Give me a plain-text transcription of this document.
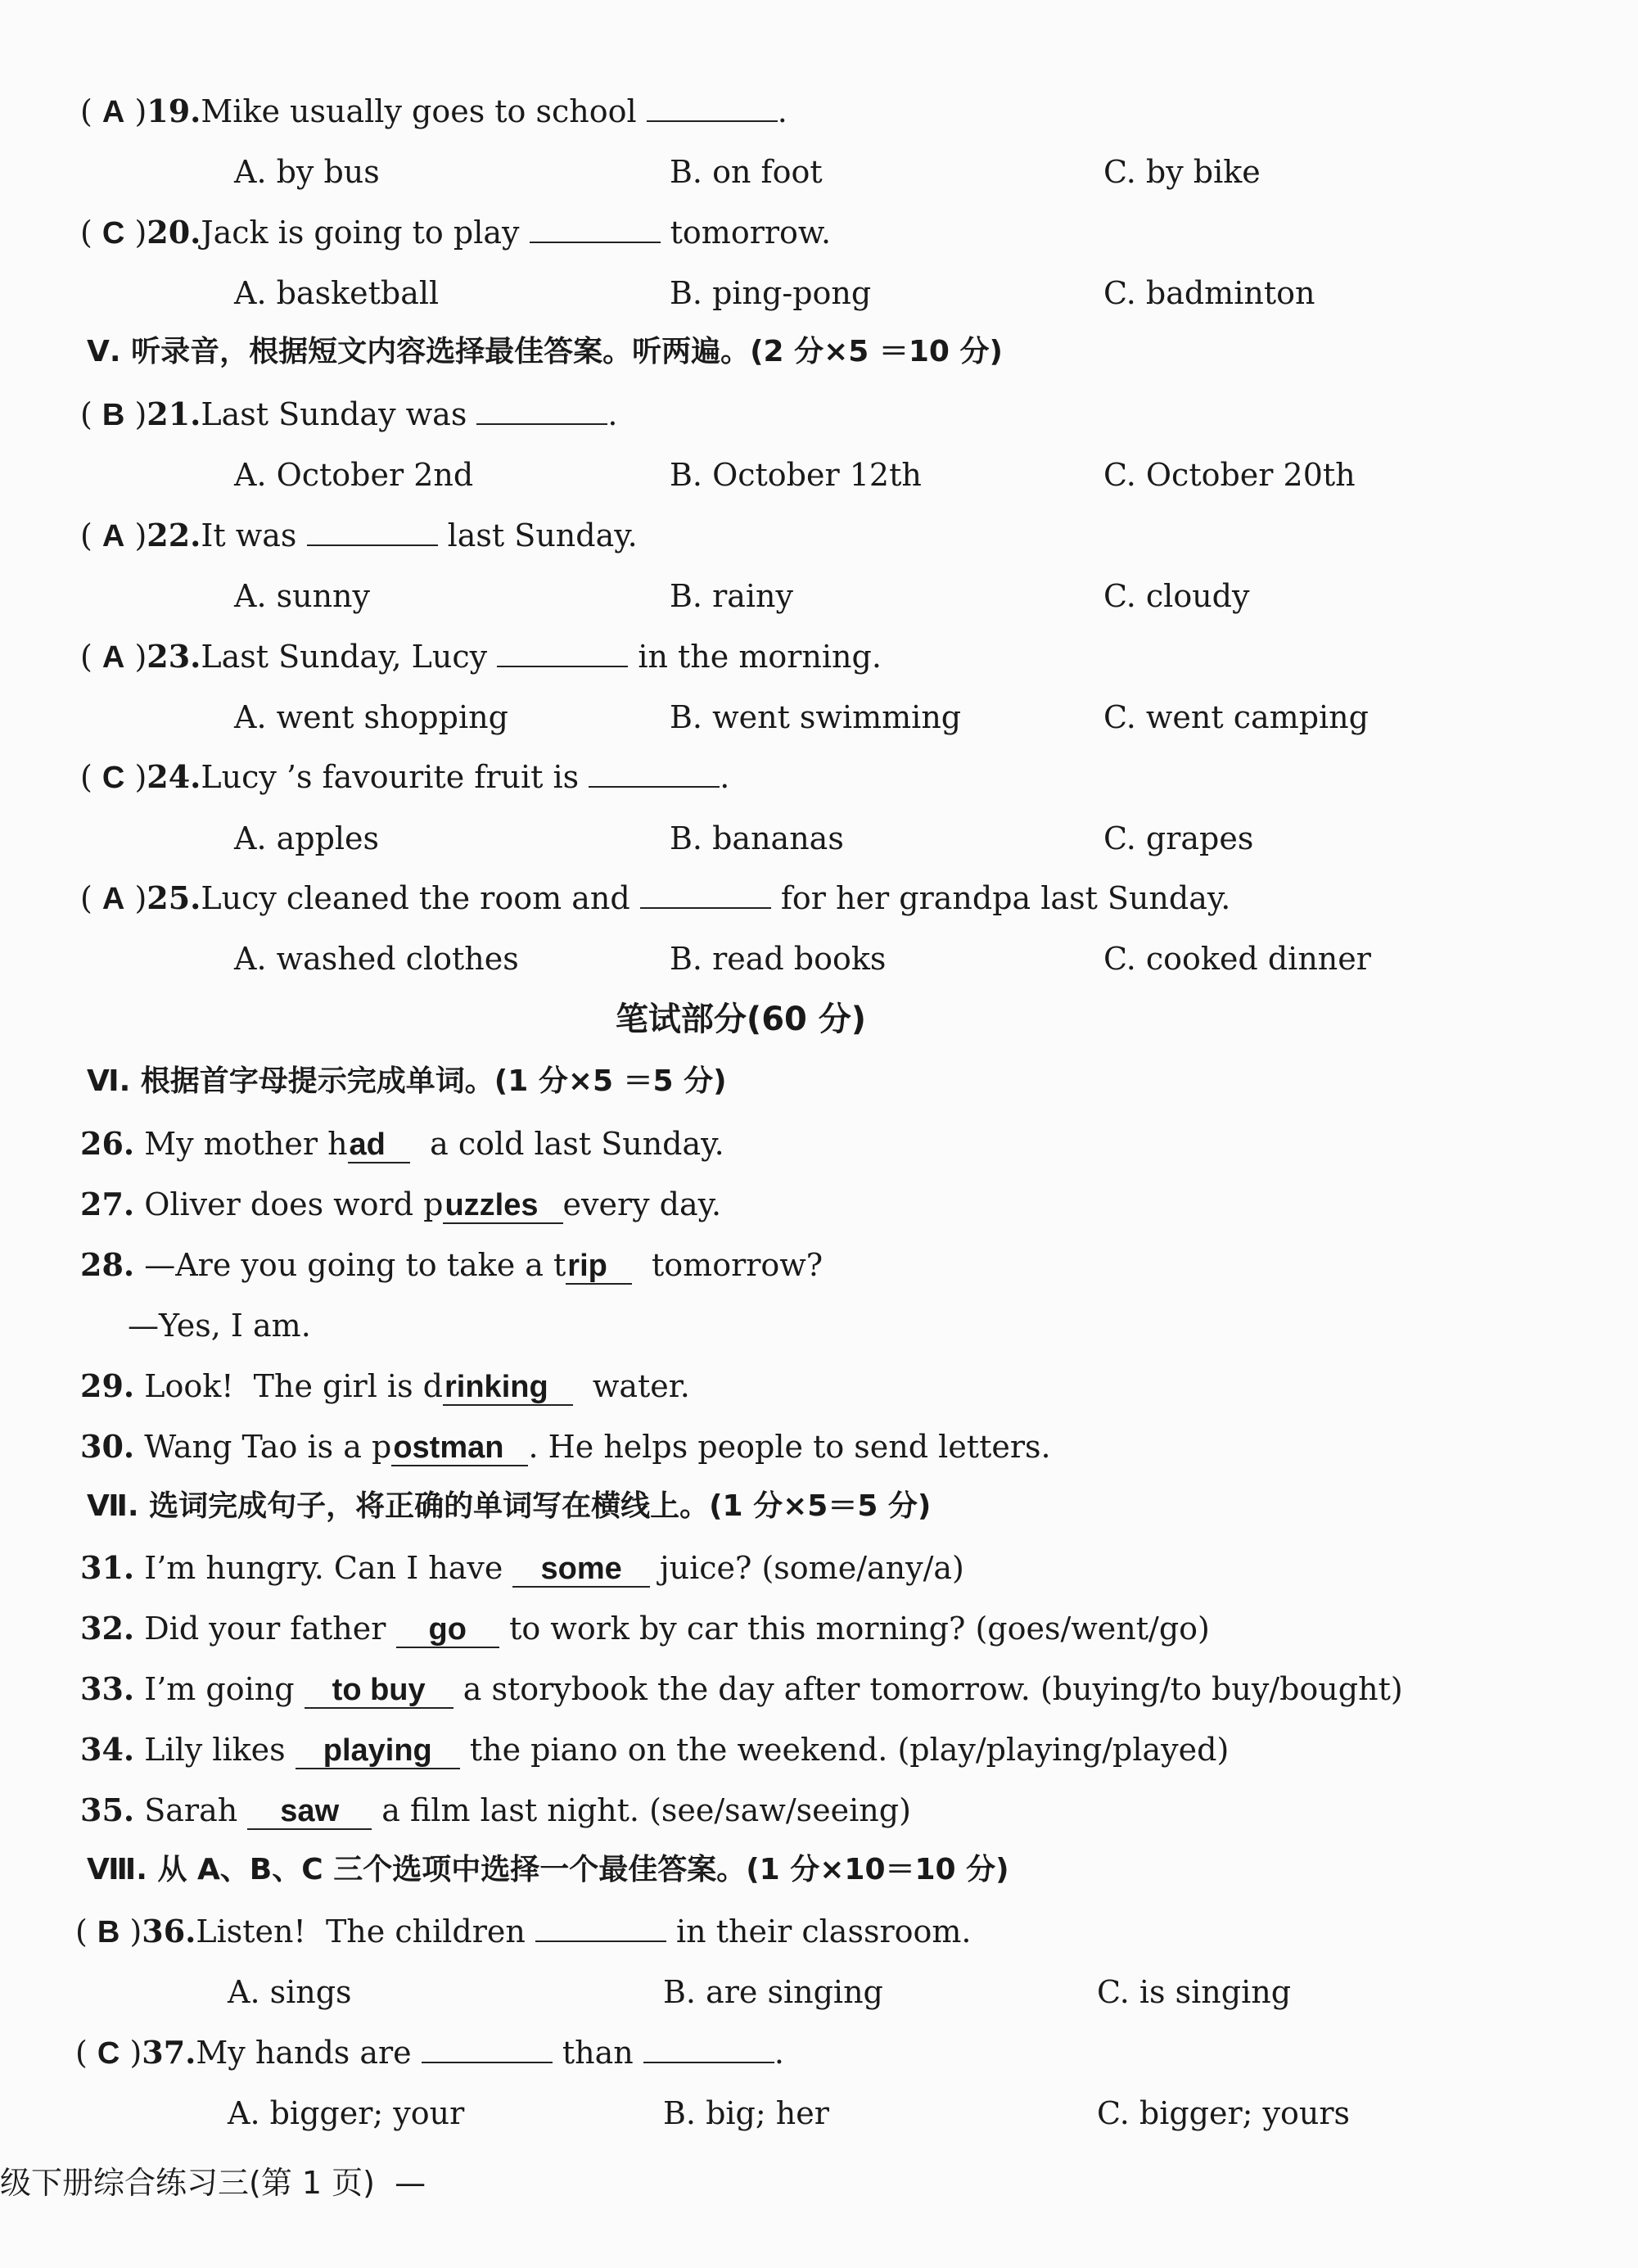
( A )19.Mike usually goes to school	.
A. by bus	B. on foot	C. by bike
( C )20.Jack is going to play	tomorrow.
A. basketball	B. ping-pong	C. badminton
Ⅴ. 听录音，根据短文内容选择最佳答案。听两遍。(2 分×5 ＝10 分)
( B )21.Last Sunday was	.
A. October 2nd	B. October 12th	C. October 20th
( A )22.It was	last Sunday.
A. sunny	B. rainy	C. cloudy
( A )23.Last Sunday, Lucy	in the morning.
A. went shopping	B. went swimming	C. went camping
( C )24.Lucy ’s favourite fruit is	.
A. apples	B. bananas	C. grapes
( A )25.Lucy cleaned the room and	for her grandpa last Sunday.
A. washed clothes	B. read books	C. cooked dinner
笔试部分(60 分)
Ⅵ. 根据首字母提示完成单词。(1 分×5 ＝5 分)
26. My mother had a cold last Sunday.
27. Oliver does word puzzles every day.
28. —Are you going to take a trip tomorrow?
—Yes, I am.
29. Look!  The girl is drinking water.
30. Wang Tao is a postman . He helps people to send letters.
Ⅶ. 选词完成句子，将正确的单词写在横线上。(1 分×5＝5 分)
31. I’m hungry. Can I have some juice? (some/any/a)
32. Did your father go to work by car this morning? (goes/went/go)
33. I’m going to buy a storybook the day after tomorrow. (buying/to buy/bought)
34. Lily likes playing the piano on the weekend. (play/playing/played)
35. Sarah saw a film last night. (see/saw/seeing)
Ⅷ. 从 A、B、C 三个选项中选择一个最佳答案。(1 分×10＝10 分)
( B )36.Listen!  The children	in their classroom.
A. sings	B. are singing	C. is singing
( C )37.My hands are	than	.
A. bigger; your	B. big; her	C. bigger; yours
级下册综合练习三(第 1 页)  —
